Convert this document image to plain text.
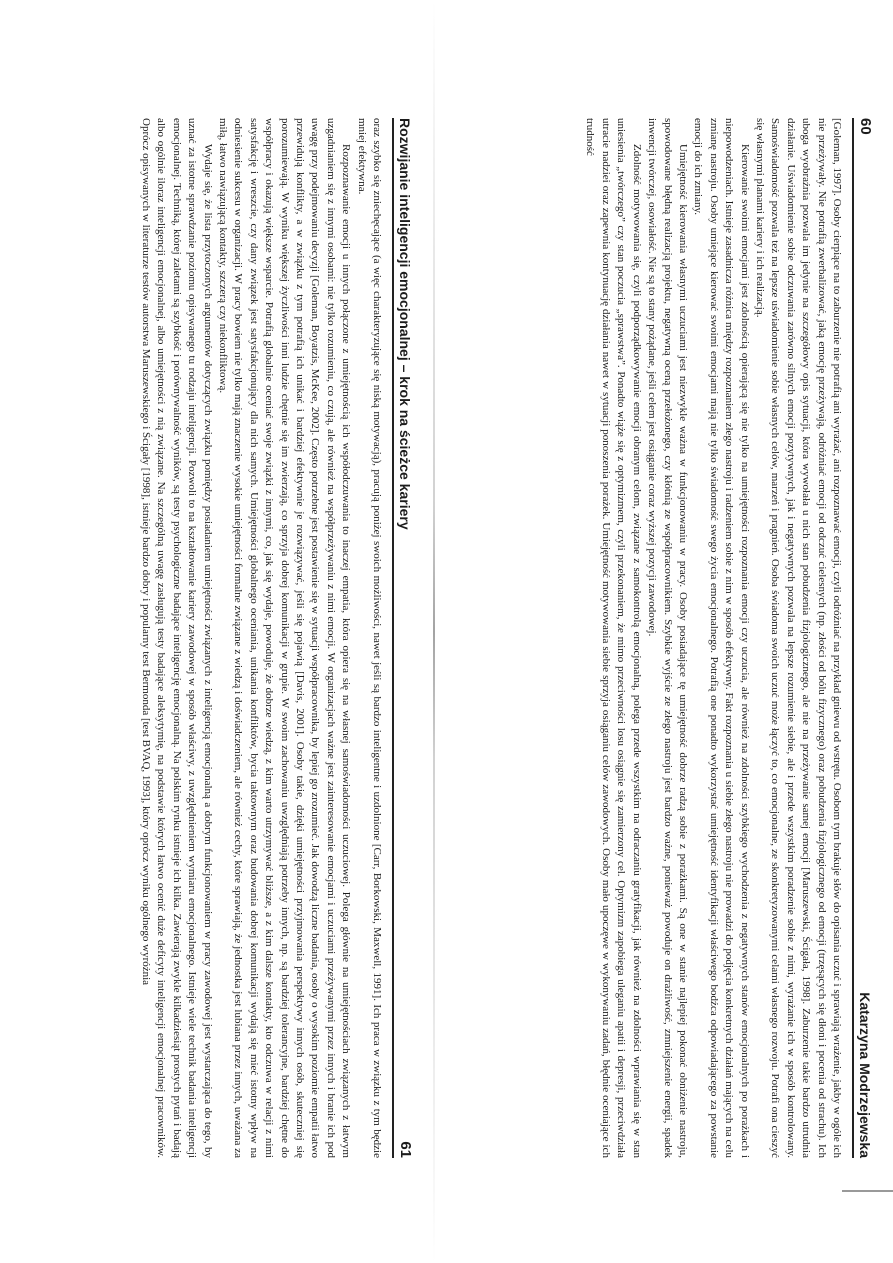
60
Katarzyna Modrzejewska

[Goleman, 1997]. Osoby cierpiące na to zaburzenie nie potrafią ani wyrażać, ani rozpoznawać emocji, czyli odróżniać na przykład gniewu od wstrętu. Osobom tym brakuje słów do opisania uczuć i sprawiają wrażenie, jakby w ogóle ich nie przeżywały. Nie potrafią zwerbalizować, jaką emocję przeżywają, odróżniać emocji od odczuć cielesnych (np. złości od bólu fizycznego) oraz pobudzenia fizjologicznego od emocji (trzęsących się dłoni i pocenia od strachu). Ich uboga wyobraźnia pozwala im jedynie na szczegółowy opis sytuacji, która wywołała u nich stan pobudzenia fizjologicznego, ale nie na przeżywanie samej emocji [Maruszewski, Ścigała, 1998]. Zaburzenie takie bardzo utrudnia działanie. Uświadomienie sobie odczuwania zarówno silnych emocji pozytywnych, jak i negatywnych pozwala na lepsze rozumienie siebie, ale i przede wszystkim poradzenie sobie z nimi, wyrażanie ich w sposób kontrolowany. Samoświadomość pozwala też na lepsze uświadomienie sobie własnych celów, marzeń i pragnień. Osoba świadoma swoich uczuć może łączyć to, co emocjonalne, ze skonkretyzowanymi celami własnego rozwoju. Potrafi ona cieszyć się własnymi planami kariery i ich realizacją.

Kierowanie swoimi emocjami jest zdolnością opierającą się nie tylko na umiejętności rozpoznania emocji czy uczucia, ale również na zdolności szybkiego wychodzenia z negatywnych stanów emocjonalnych po porażkach i niepowodzeniach. Istnieje zasadnicza różnica między rozpoznaniem złego nastroju i radzeniem sobie z nim w sposób efektywny. Fakt rozpoznania u siebie złego nastroju nie prowadzi do podjęcia konkretnych działań mających na celu zmianę nastroju. Osoby umiejące kierować swoimi emocjami mają nie tylko świadomość swego życia emocjonalnego. Potrafią one ponadto wykorzystać umiejętność identyfikacji właściwego bodźca odpowiadającego za powstanie emocji do ich zmiany.

Umiejętność kierowania własnymi uczuciami jest niezwykle ważna w funkcjonowaniu w pracy. Osoby posiadające tę umiejętność dobrze radzą sobie z porażkami. Są one w stanie najlepiej pokonać obniżenie nastroju, spowodowane błędną realizacją projektu, negatywną oceną przełożonego, czy kłótnią ze współpracownikiem. Szybkie wyjście ze złego nastroju jest bardzo ważne, ponieważ powoduje on drażliwość, zmniejszenie energii, spadek inwencji twórczej, osowiałość. Nie są to stany pożądane, jeśli celem jest osiąganie coraz wyższej pozycji zawodowej.

Zdolność motywowania się, czyli podporządkowywanie emocji obranym celom, związane z samokontrolą emocjonalną, polega przede wszystkim na odraczaniu gratyfikacji, jak również na zdolności wprawiania się w stan uniesienia „twórczego” czy stan poczucia „sprawstwa”. Ponadto wiąże się z optymizmem, czyli przekonaniem, że mimo przeciwności losu osiągnie się zamierzony cel. Optymizm zapobiega uleganiu apatii i depresji, przeciwdziała utracie nadziei oraz zapewnia kontynuację działania nawet w sytuacji ponoszenia porażek. Umiejętność motywowania siebie sprzyja osiąganiu celów zawodowych. Osoby mało upoczęwe w wykonywaniu zadań, błędnie oceniające ich trudność

Rozwijanie inteligencji emocjonalnej – krok na ścieżce kariery
61

oraz szybko się zniechęcające (a więc charakteryzujące się niską motywacją), pracują poniżej swoich możliwości, nawet jeśli są bardzo inteligentne i uzdolnione [Carr, Borkowski, Maxwell, 1991]. Ich praca w związku z tym będzie mniej efektywna.

Rozpoznawanie emocji u innych połączone z umiejętnością ich współodczuwania to inaczej empatia, która opiera się na własnej samoświadomości uczuciowej. Polega głównie na umiejętnościach związanych z łatwym uzgadnianiem się z innymi osobami: nie tylko rozumieniu, co czują, ale również na współprzeżywaniu z nimi emocji. W organizacjach ważne jest zainteresowanie emocjami i uczuciami przeżywanymi przez innych i branie ich pod uwagę przy podejmowaniu decyzji [Goleman, Boyatzis, McKee, 2002]. Często potrzebne jest postawienie się w sytuacji współpracownika, by lepiej go zrozumieć. Jak dowodzą liczne badania, osoby o wysokim poziomie empatii łatwo przewidują konflikty, a w związku z tym potrafią ich unikać i bardziej efektywnie je rozwiązywać, jeśli się pojawią [Davis, 2001]. Osoby takie, dzięki umiejętności przyjmowania perspektywy innych osób, skuteczniej się porozumiewają. W wyniku większej życzliwości inni ludzie chętnie się im zwierzają, co sprzyja dobrej komunikacji w grupie. W swoim zachowaniu uwzględniają potrzeby innych, np. są bardziej tolerancyjne, bardziej chętne do współpracy i okazują większe wsparcie. Potrafią globalnie oceniać swoje związki z innymi, co, jak się wydaje, powoduje, że dobrze wiedzą, z kim warto utrzymywać bliższe, a z kim dalsze kontakty, kto odczuwa w relacji z nimi satysfakcję i wreszcie, czy dany związek jest satysfakcjonujący dla nich samych. Umiejętności globalnego oceniania, unikania konfliktów, bycia taktownym oraz budowania dobrej komunikacji wydają się mieć istotny wpływ na odniesienie sukcesu w organizacji. W pracy bowiem nie tylko mają znaczenie wysokie umiejętności formalne związane z wiedzą i doświadczeniem, ale również cechy, które sprawiają, że jednostka jest lubiana przez innych, uważana za miłą, łatwo nawiązującą kontakty, szczerą czy niekonfliktową.

Wydaje się, że lista przytoczonych argumentów dotyczących związku pomiędzy posiadaniem umiejętności związanych z inteligencją emocjonalną a dobrym funkcjonowaniem w pracy zawodowej jest wystarczająca do tego, by uznać za istotne sprawdzanie poziomu opisywanego tu rodzaju inteligencji. Pozwoli to na kształtowanie kariery zawodowej w sposób właściwy, z uwzględnieniem wymiaru emocjonalnego. Istnieje wiele technik badania inteligencji emocjonalnej. Techniką, której zaletami są szybkość i porównywalność wyników, są testy psychologiczne badające inteligencję emocjonalną. Na polskim rynku istnieje ich kilka. Zawierają zwykle kilkadziesiąt prostych pytań i badają albo ogólnie iloraz inteligencji emocjonalnej, albo umiejętności z nią związane. Na szczególną uwagę zasługują testy badające aleksytymię, na podstawie których łatwo ocenić duże deficyty inteligencji emocjonalnej pracowników. Oprócz opisywanych w literaturze testów autorstwa Maruszewskiego i Ścigały [1998], istnieje bardzo dobry i popularny test Bermonda [test BVAQ, 1993], który oprócz wyniku ogólnego wyróżnia
